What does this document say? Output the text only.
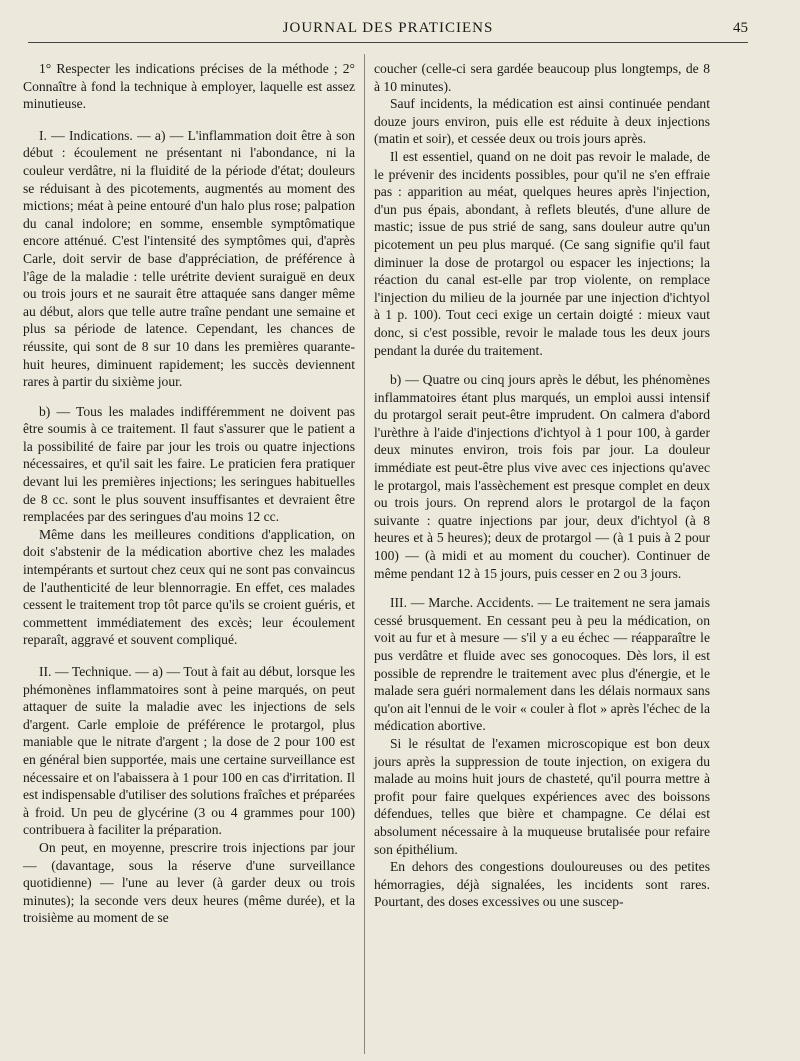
JOURNAL DES PRATICIENS	45

1° Respecter les indications précises de la méthode ; 2° Connaître à fond la technique à employer, laquelle est assez minutieuse.

I. — Indications. — a) — L'inflammation doit être à son début : écoulement ne présentant ni l'abondance, ni la couleur verdâtre, ni la fluidité de la période d'état; douleurs se réduisant à des picotements, augmentés au moment des mictions; méat à peine entouré d'un halo plus rose; palpation du canal indolore; en somme, ensemble symptômatique encore atténué. C'est l'intensité des symptômes qui, d'après Carle, doit servir de base d'appréciation, de préférence à l'âge de la maladie : telle urétrite devient suraiguë en deux ou trois jours et ne saurait être attaquée sans danger même au début, alors que telle autre traîne pendant une semaine et plus sa période de latence. Cependant, les chances de réussite, qui sont de 8 sur 10 dans les premières quarante-huit heures, diminuent rapidement; les succès deviennent rares à partir du sixième jour.

b) — Tous les malades indifféremment ne doivent pas être soumis à ce traitement. Il faut s'assurer que le patient a la possibilité de faire par jour les trois ou quatre injections nécessaires, et qu'il sait les faire. Le praticien fera pratiquer devant lui les premières injections; les seringues habituelles de 8 cc. sont le plus souvent insuffisantes et devraient être remplacées par des seringues d'au moins 12 cc.

Même dans les meilleures conditions d'application, on doit s'abstenir de la médication abortive chez les malades intempérants et surtout chez ceux qui ne sont pas convaincus de l'authenticité de leur blennorragie. En effet, ces malades cessent le traitement trop tôt parce qu'ils se croient guéris, et commettent immédiatement des excès; leur écoulement reparaît, aggravé et souvent compliqué.

II. — Technique. — a) — Tout à fait au début, lorsque les phémonènes inflammatoires sont à peine marqués, on peut attaquer de suite la maladie avec les injections de sels d'argent. Carle emploie de préférence le protargol, plus maniable que le nitrate d'argent ; la dose de 2 pour 100 est en général bien supportée, mais une certaine surveillance est nécessaire et on l'abaissera à 1 pour 100 en cas d'irritation. Il est indispensable d'utiliser des solutions fraîches et préparées à froid. Un peu de glycérine (3 ou 4 grammes pour 100) contribuera à faciliter la préparation.

On peut, en moyenne, prescrire trois injections par jour — (davantage, sous la réserve d'une surveillance quotidienne) — l'une au lever (à garder deux ou trois minutes); la seconde vers deux heures (même durée), et la troisième au moment de se

coucher (celle-ci sera gardée beaucoup plus longtemps, de 8 à 10 minutes).

Sauf incidents, la médication est ainsi continuée pendant douze jours environ, puis elle est réduite à deux injections (matin et soir), et cessée deux ou trois jours après.

Il est essentiel, quand on ne doit pas revoir le malade, de le prévenir des incidents possibles, pour qu'il ne s'en effraie pas : apparition au méat, quelques heures après l'injection, d'un pus épais, abondant, à reflets bleutés, d'une allure de mastic; issue de pus strié de sang, sans douleur autre qu'un picotement un peu plus marqué. (Ce sang signifie qu'il faut diminuer la dose de protargol ou espacer les injections; la réaction du canal est-elle par trop violente, on remplace l'injection du milieu de la journée par une injection d'ichtyol à 1 p. 100). Tout ceci exige un certain doigté : mieux vaut donc, si c'est possible, revoir le malade tous les deux jours pendant la durée du traitement.

b) — Quatre ou cinq jours après le début, les phénomènes inflammatoires étant plus marqués, un emploi aussi intensif du protargol serait peut-être imprudent. On calmera d'abord l'urèthre à l'aide d'injections d'ichtyol à 1 pour 100, à garder deux minutes environ, trois fois par jour. La douleur immédiate est peut-être plus vive avec ces injections qu'avec le protargol, mais l'assèchement est presque complet en deux ou trois jours. On reprend alors le protargol de la façon suivante : quatre injections par jour, deux d'ichtyol (à 8 heures et à 5 heures); deux de protargol — (à 1 puis à 2 pour 100) — (à midi et au moment du coucher). Continuer de même pendant 12 à 15 jours, puis cesser en 2 ou 3 jours.

III. — Marche. Accidents. — Le traitement ne sera jamais cessé brusquement. En cessant peu à peu la médication, on voit au fur et à mesure — s'il y a eu échec — réapparaître le pus verdâtre et fluide avec ses gonocoques. Dès lors, il est possible de reprendre le traitement avec plus d'énergie, et le malade sera guéri normalement dans les délais normaux sans qu'on ait l'ennui de le voir « couler à flot » après l'échec de la médication abortive.

Si le résultat de l'examen microscopique est bon deux jours après la suppression de toute injection, on exigera du malade au moins huit jours de chasteté, qu'il pourra mettre à profit pour faire quelques expériences avec des boissons défendues, telles que bière et champagne. Ce délai est absolument nécessaire à la muqueuse brutalisée pour refaire son épithélium.

En dehors des congestions douloureuses ou des petites hémorragies, déjà signalées, les incidents sont rares. Pourtant, des doses excessives ou une suscep-
